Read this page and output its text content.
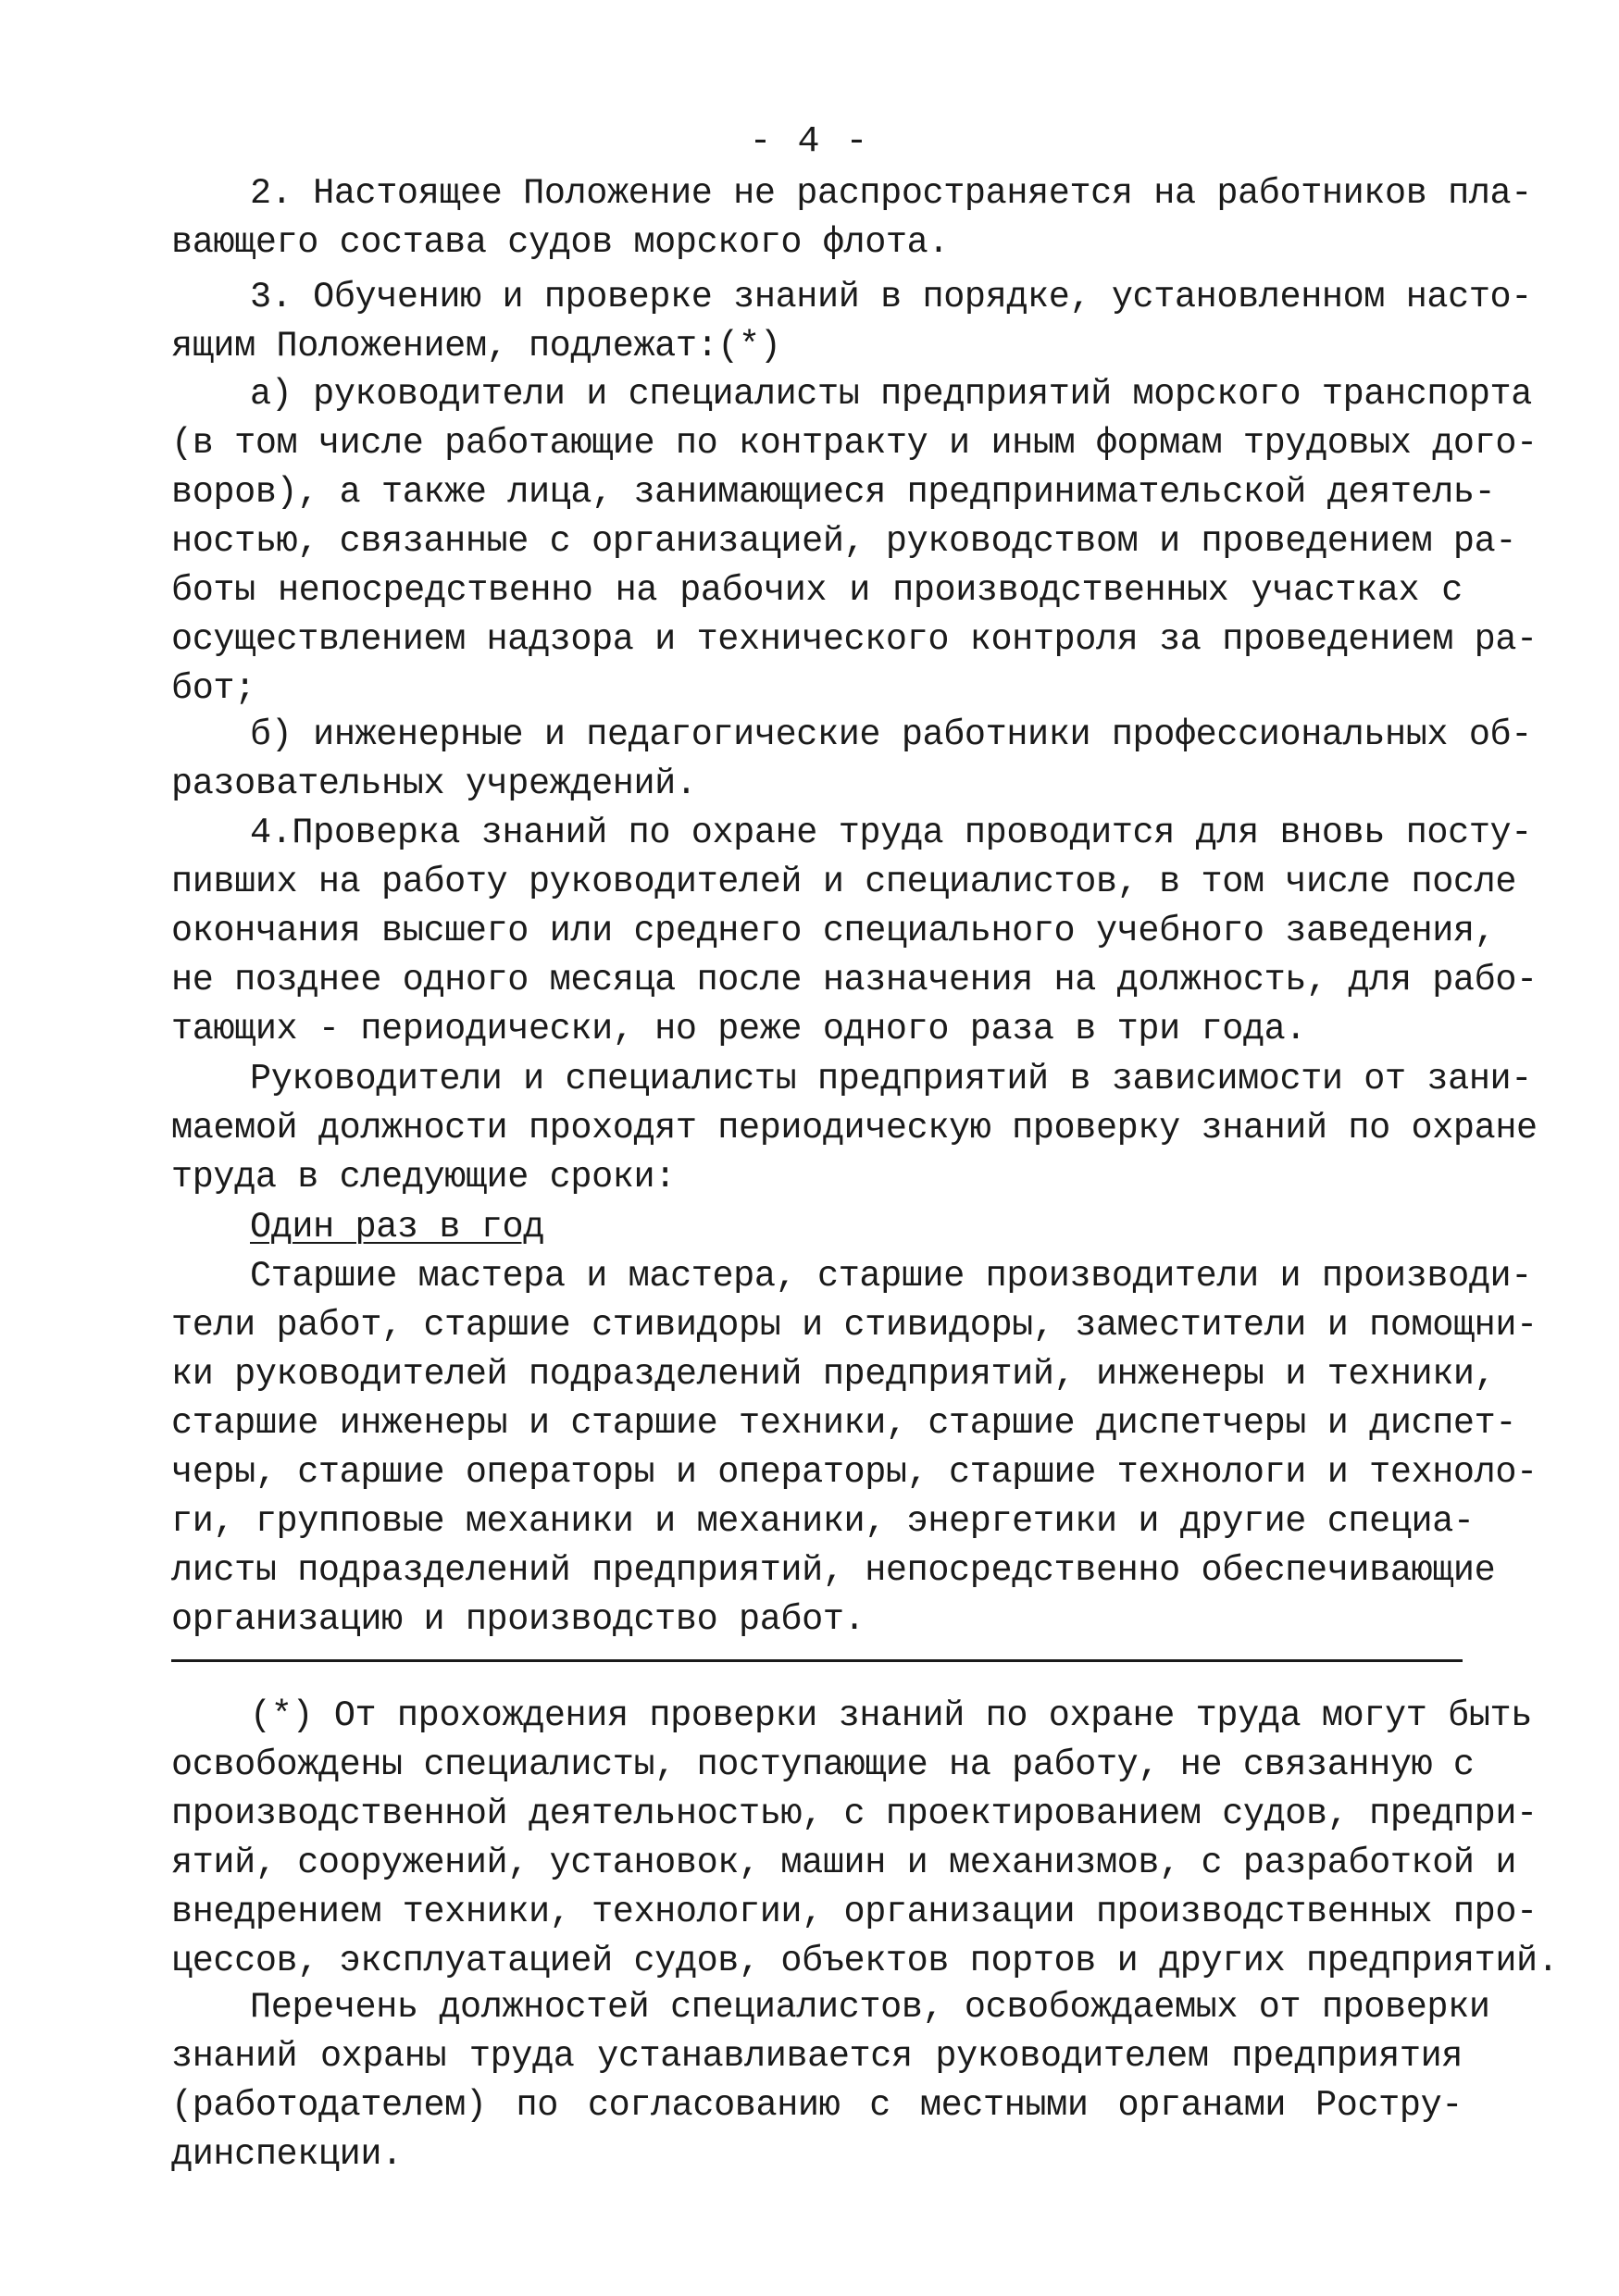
- 4 -
2. Настоящее Положение не распространяется на работников пла-
вающего состава судов морского флота.
3. Обучению и проверке знаний в порядке, установленном насто-
ящим Положением, подлежат:(*)
а) руководители и специалисты предприятий морского транспорта
(в том числе работающие по контракту и иным формам трудовых дого-
воров), а также лица, занимающиеся предпринимательской деятель-
ностью, связанные с организацией, руководством и проведением ра-
боты непосредственно на рабочих и производственных участках с
осуществлением надзора и технического контроля за проведением ра-
бот;
б) инженерные и педагогические работники профессиональных об-
разовательных учреждений.
4.Проверка знаний по охране труда проводится для вновь посту-
пивших на работу руководителей и специалистов, в том числе после
окончания высшего или среднего специального учебного заведения,
не позднее одного месяца после назначения на должность, для рабо-
тающих - периодически, но реже одного раза в три года.
Руководители и специалисты предприятий в зависимости от зани-
маемой должности проходят периодическую проверку знаний по охране
труда в следующие сроки:
Один раз в год
Старшие мастера и мастера, старшие производители и производи-
тели работ, старшие стивидоры и стивидоры, заместители и помощни-
ки руководителей подразделений предприятий, инженеры и техники,
старшие инженеры и старшие техники, старшие диспетчеры и диспет-
черы, старшие операторы и операторы, старшие технологи и техноло-
ги, групповые механики и механики, энергетики и другие специа-
листы подразделений предприятий, непосредственно обеспечивающие
организацию и производство работ.
(*) От прохождения проверки знаний по охране труда могут быть
освобождены специалисты, поступающие на работу, не связанную с
производственной деятельностью, с проектированием судов, предпри-
ятий, сооружений, установок, машин и механизмов, с разработкой и
внедрением техники, технологии, организации производственных про-
цессов, эксплуатацией судов, объектов портов и других предприятий.
Перечень должностей специалистов, освобождаемых от проверки
знаний охраны труда устанавливается руководителем предприятия
(работодателем) по согласованию с местными органами Рострy-
динспекции.
